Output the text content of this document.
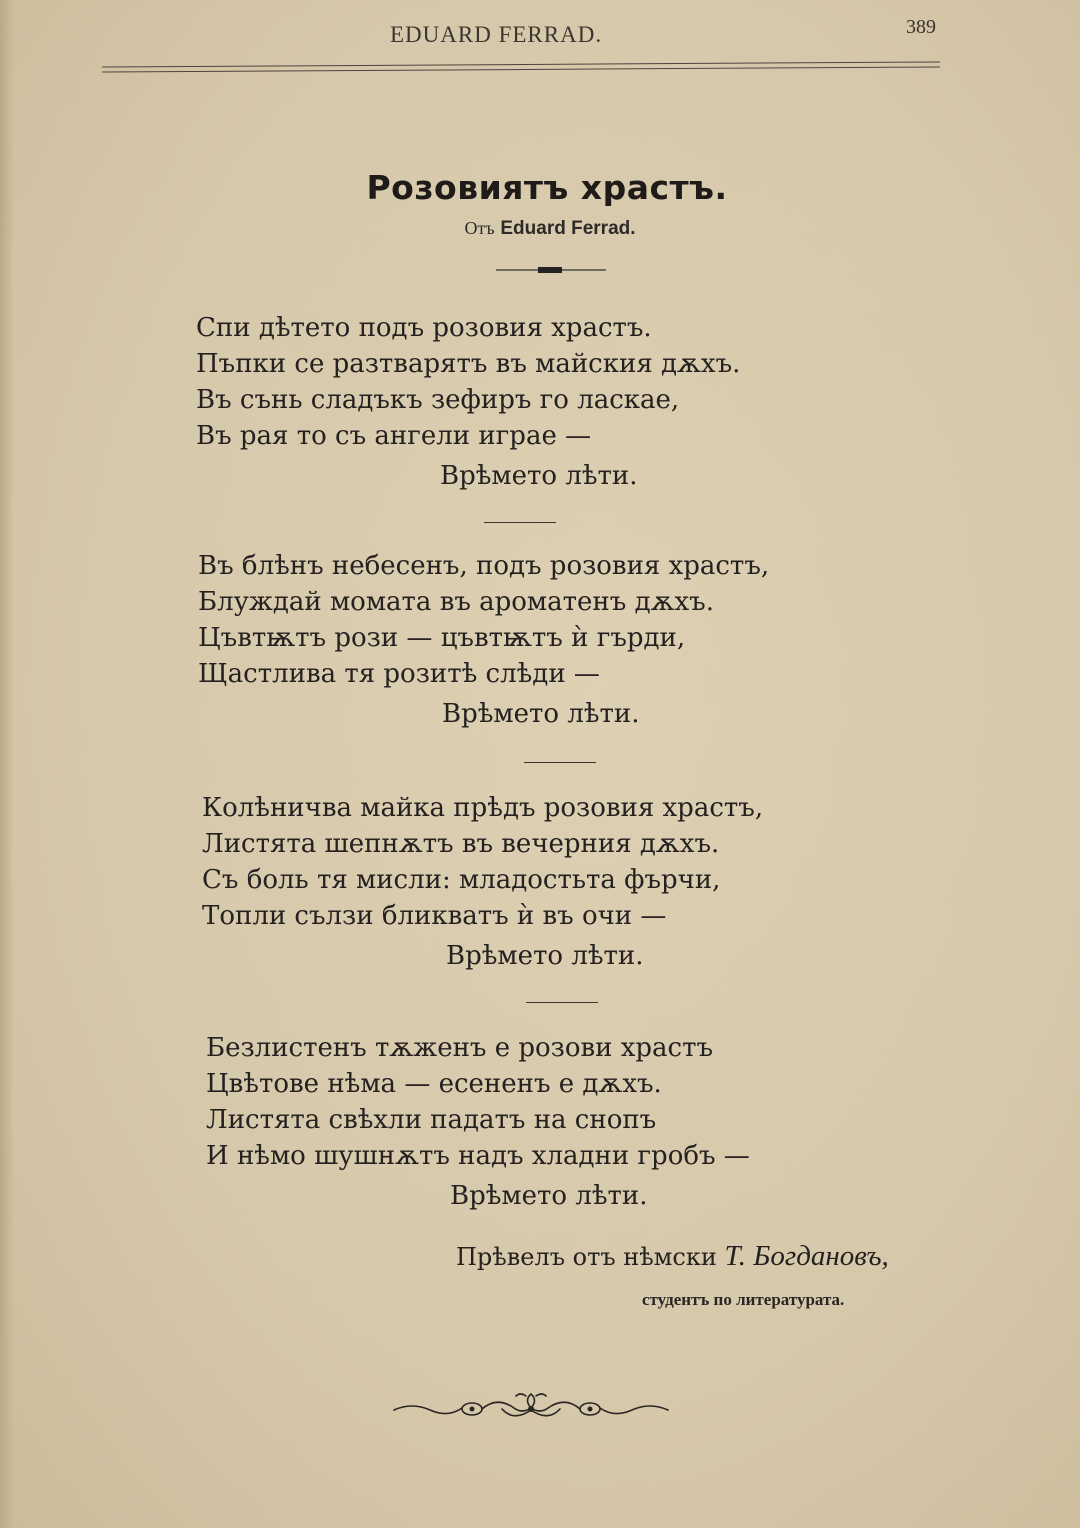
EDUARD FERRAD.	389
Розовиятъ храстъ.
Отъ Eduard Ferrad.
Спи дѣтето подъ розовия храстъ.
Пъпки се разтварятъ въ майския дѫхъ.
Въ сънь сладъкъ зефиръ го ласкае,
Въ рая то съ ангели играе —
Врѣмето лѣти.
Въ блѣнъ небесенъ, подъ розовия храстъ,
Блуждай момата въ ароматенъ дѫхъ.
Цъвтѭтъ рози — цъвтѭтъ ѝ гърди,
Щастлива тя розитѣ слѣди —
Врѣмето лѣти.
Колѣничва майка прѣдъ розовия храстъ,
Листята шепнѫтъ въ вечерния дѫхъ.
Съ боль тя мисли: младостьта фърчи,
Топли сълзи бликватъ ѝ въ очи —
Врѣмето лѣти.
Безлистенъ тѫженъ е розови храстъ
Цвѣтове нѣма — есененъ е дѫхъ.
Листята свѣхли падатъ на снопъ
И нѣмо шушнѫтъ надъ хладни гробъ —
Врѣмето лѣти.
Прѣвелъ отъ нѣмски Т. Богдановъ,
студентъ по литературата.
